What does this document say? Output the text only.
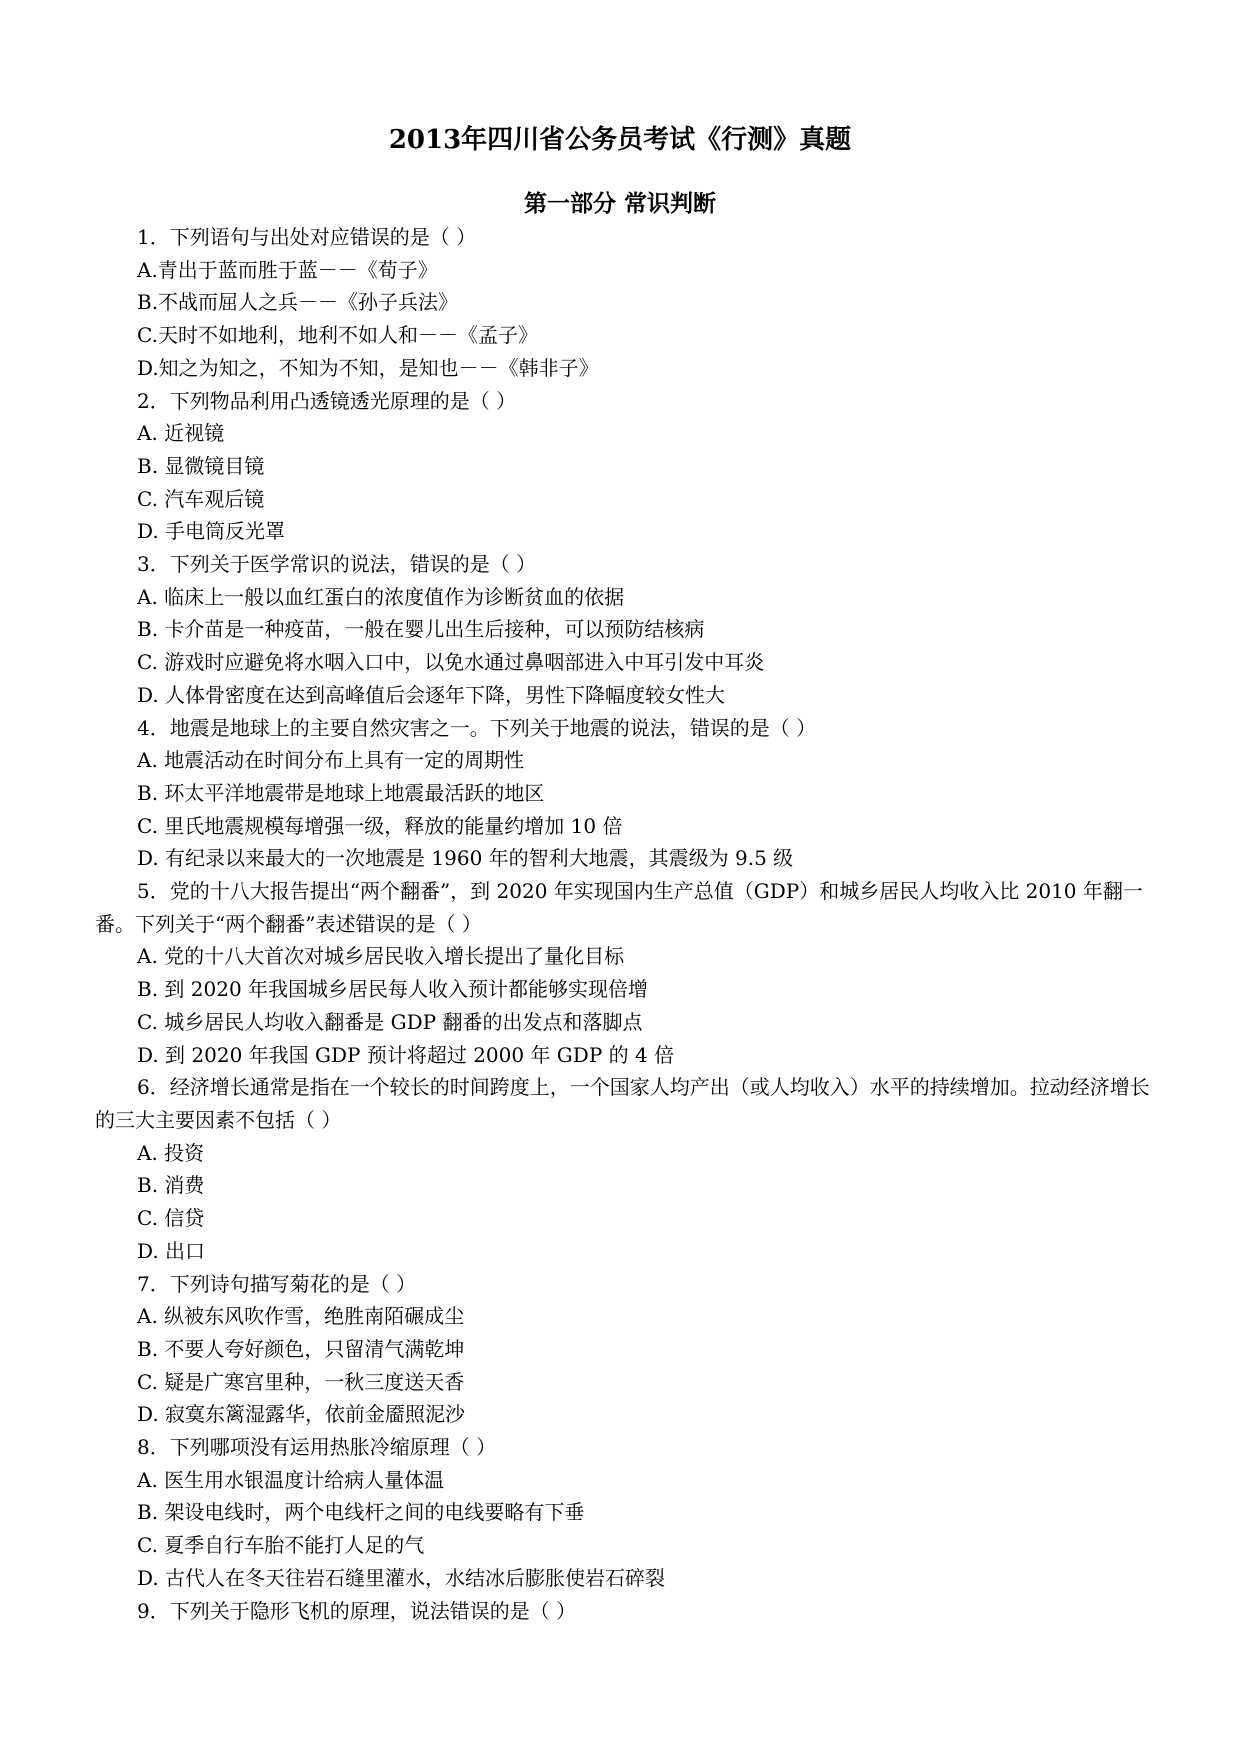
2013年四川省公务员考试《行测》真题
第一部分 常识判断
1．下列语句与出处对应错误的是（ ）
A.青出于蓝而胜于蓝－－《荀子》
B.不战而屈人之兵－－《孙子兵法》
C.天时不如地利，地利不如人和－－《孟子》
D.知之为知之，不知为不知，是知也－－《韩非子》
2．下列物品利用凸透镜透光原理的是（ ）
A. 近视镜
B. 显微镜目镜
C. 汽车观后镜
D. 手电筒反光罩
3．下列关于医学常识的说法，错误的是（ ）
A. 临床上一般以血红蛋白的浓度值作为诊断贫血的依据
B. 卡介苗是一种疫苗，一般在婴儿出生后接种，可以预防结核病
C. 游戏时应避免将水咽入口中，以免水通过鼻咽部进入中耳引发中耳炎
D. 人体骨密度在达到高峰值后会逐年下降，男性下降幅度较女性大
4．地震是地球上的主要自然灾害之一。下列关于地震的说法，错误的是（ ）
A. 地震活动在时间分布上具有一定的周期性
B. 环太平洋地震带是地球上地震最活跃的地区
C. 里氏地震规模每增强一级，释放的能量约增加 10 倍
D. 有纪录以来最大的一次地震是 1960 年的智利大地震，其震级为 9.5 级
5．党的十八大报告提出“两个翻番”，到 2020 年实现国内生产总值（GDP）和城乡居民人均收入比 2010 年翻一番。下列关于“两个翻番”表述错误的是（ ）
A. 党的十八大首次对城乡居民收入增长提出了量化目标
B. 到 2020 年我国城乡居民每人收入预计都能够实现倍增
C. 城乡居民人均收入翻番是 GDP 翻番的出发点和落脚点
D. 到 2020 年我国 GDP 预计将超过 2000 年 GDP 的 4 倍
6．经济增长通常是指在一个较长的时间跨度上，一个国家人均产出（或人均收入）水平的持续增加。拉动经济增长的三大主要因素不包括（ ）
A. 投资
B. 消费
C. 信贷
D. 出口
7．下列诗句描写菊花的是（ ）
A. 纵被东风吹作雪，绝胜南陌碾成尘
B. 不要人夸好颜色，只留清气满乾坤
C. 疑是广寒宫里种，一秋三度送天香
D. 寂寞东篱湿露华，依前金靥照泥沙
8．下列哪项没有运用热胀冷缩原理（ ）
A. 医生用水银温度计给病人量体温
B. 架设电线时，两个电线杆之间的电线要略有下垂
C. 夏季自行车胎不能打人足的气
D. 古代人在冬天往岩石缝里灌水，水结冰后膨胀使岩石碎裂
9．下列关于隐形飞机的原理，说法错误的是（ ）
